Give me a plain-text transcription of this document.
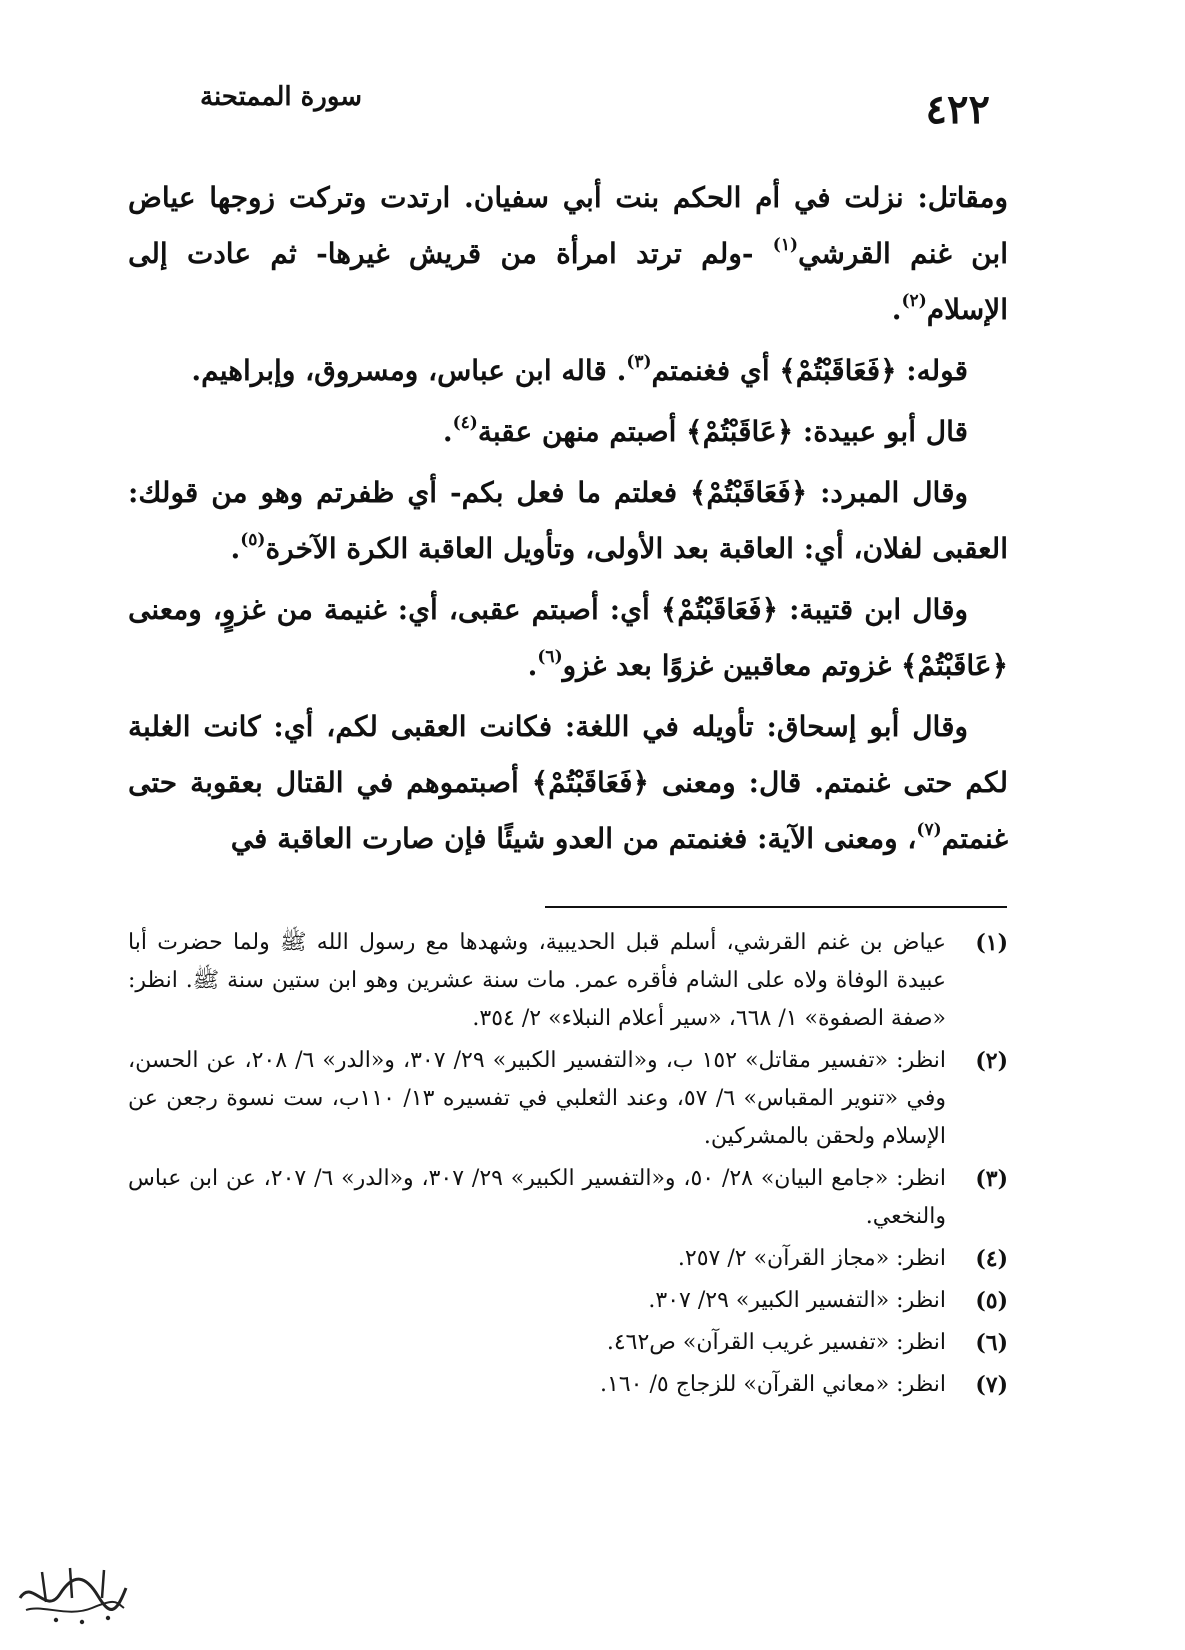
٤٢٢
سورة الممتحنة

ومقاتل: نزلت في أم الحكم بنت أبي سفيان. ارتدت وتركت زوجها عياض ابن غنم القرشي$^{(١)}$ -ولم ترتد امرأة من قريش غيرها- ثم عادت إلى الإسلام$^{(٢)}$.

قوله: ﴿فَعَاقَبْتُمْ﴾ أي فغنمتم$^{(٣)}$. قاله ابن عباس، ومسروق، وإبراهيم.

قال أبو عبيدة: ﴿عَاقَبْتُمْ﴾ أصبتم منهن عقبة$^{(٤)}$.

وقال المبرد: ﴿فَعَاقَبْتُمْ﴾ فعلتم ما فعل بكم- أي ظفرتم وهو من قولك: العقبى لفلان، أي: العاقبة بعد الأولى، وتأويل العاقبة الكرة الآخرة$^{(٥)}$.

وقال ابن قتيبة: ﴿فَعَاقَبْتُمْ﴾ أي: أصبتم عقبى، أي: غنيمة من غزوٍ، ومعنى ﴿عَاقَبْتُمْ﴾ غزوتم معاقبين غزوًا بعد غزو$^{(٦)}$.

وقال أبو إسحاق: تأويله في اللغة: فكانت العقبى لكم، أي: كانت الغلبة لكم حتى غنمتم. قال: ومعنى ﴿فَعَاقَبْتُمْ﴾ أصبتموهم في القتال بعقوبة حتى غنمتم$^{(٧)}$، ومعنى الآية: فغنمتم من العدو شيئًا فإن صارت العاقبة في

(١)
عياض بن غنم القرشي، أسلم قبل الحديبية، وشهدها مع رسول الله ﷺ ولما حضرت أبا عبيدة الوفاة ولاه على الشام فأقره عمر. مات سنة عشرين وهو ابن ستين سنة ﷺ. انظر: «صفة الصفوة» ١/ ٦٦٨، «سير أعلام النبلاء» ٢/ ٣٥٤.
(٢)
انظر: «تفسير مقاتل» ١٥٢ ب، و«التفسير الكبير» ٢٩/ ٣٠٧، و«الدر» ٦/ ٢٠٨، عن الحسن، وفي «تنوير المقباس» ٦/ ٥٧، وعند الثعلبي في تفسيره ١٣/ ١١٠ب، ست نسوة رجعن عن الإسلام ولحقن بالمشركين.
(٣)
انظر: «جامع البيان» ٢٨/ ٥٠، و«التفسير الكبير» ٢٩/ ٣٠٧، و«الدر» ٦/ ٢٠٧، عن ابن عباس والنخعي.
(٤)
انظر: «مجاز القرآن» ٢/ ٢٥٧.
(٥)
انظر: «التفسير الكبير» ٢٩/ ٣٠٧.
(٦)
انظر: «تفسير غريب القرآن» ص٤٦٢.
(٧)
انظر: «معاني القرآن» للزجاج ٥/ ١٦٠.
